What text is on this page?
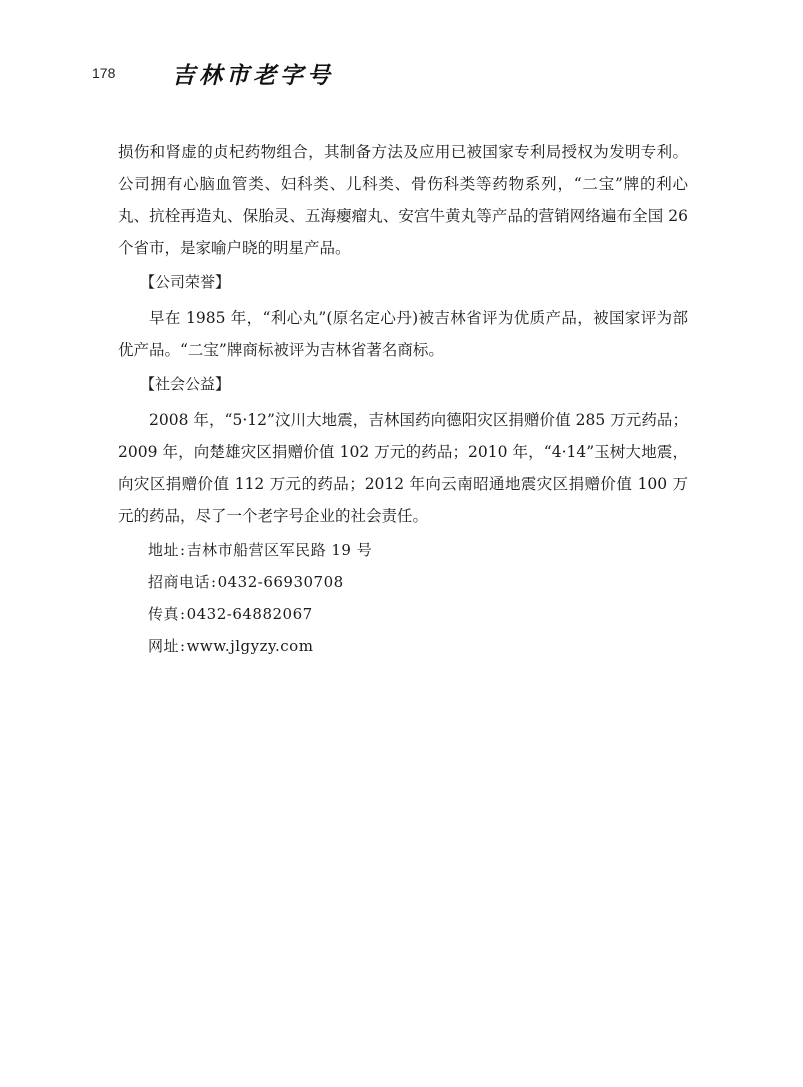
178	吉林市老字号

损伤和肾虚的贞杞药物组合，其制备方法及应用已被国家专利局授权为发明专利。公司拥有心脑血管类、妇科类、儿科类、骨伤科类等药物系列，“二宝”牌的利心丸、抗栓再造丸、保胎灵、五海瘿瘤丸、安宫牛黄丸等产品的营销网络遍布全国 26 个省市，是家喻户晓的明星产品。

【公司荣誉】

早在 1985 年，“利心丸”(原名定心丹)被吉林省评为优质产品，被国家评为部优产品。“二宝”牌商标被评为吉林省著名商标。

【社会公益】

2008 年，“5·12”汶川大地震，吉林国药向德阳灾区捐赠价值 285 万元药品；2009 年，向楚雄灾区捐赠价值 102 万元的药品；2010 年，“4·14”玉树大地震，向灾区捐赠价值 112 万元的药品；2012 年向云南昭通地震灾区捐赠价值 100 万元的药品，尽了一个老字号企业的社会责任。

地址:吉林市船营区军民路 19 号
招商电话:0432-66930708
传真:0432-64882067
网址:www.jlgyzy.com
